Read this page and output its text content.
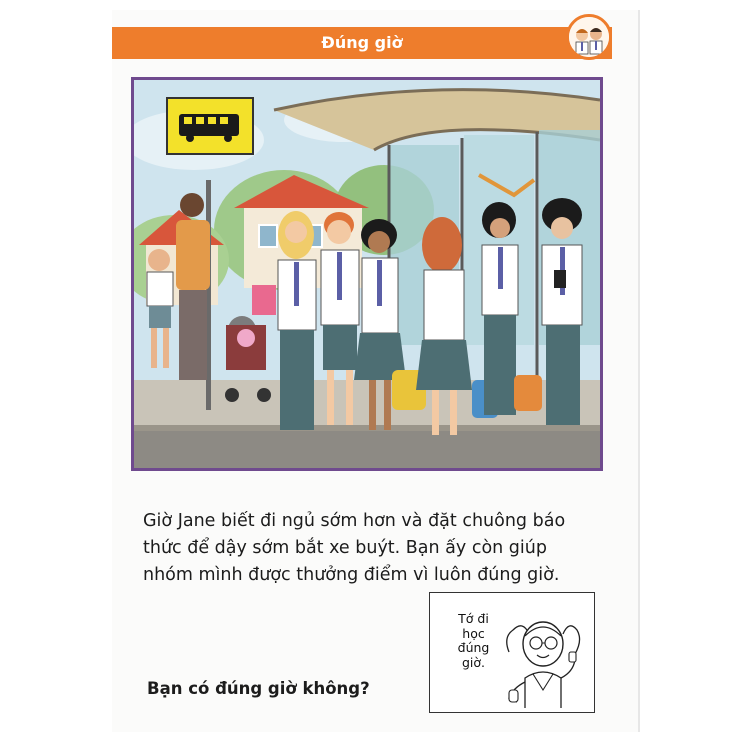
Đúng giờ
Giờ Jane biết đi ngủ sớm hơn và đặt chuông báo
thức để dậy sớm bắt xe buýt. Bạn ấy còn giúp
nhóm mình được thưởng điểm vì luôn đúng giờ.
Tớ đi
học
đúng
giờ.
Bạn có đúng giờ không?
